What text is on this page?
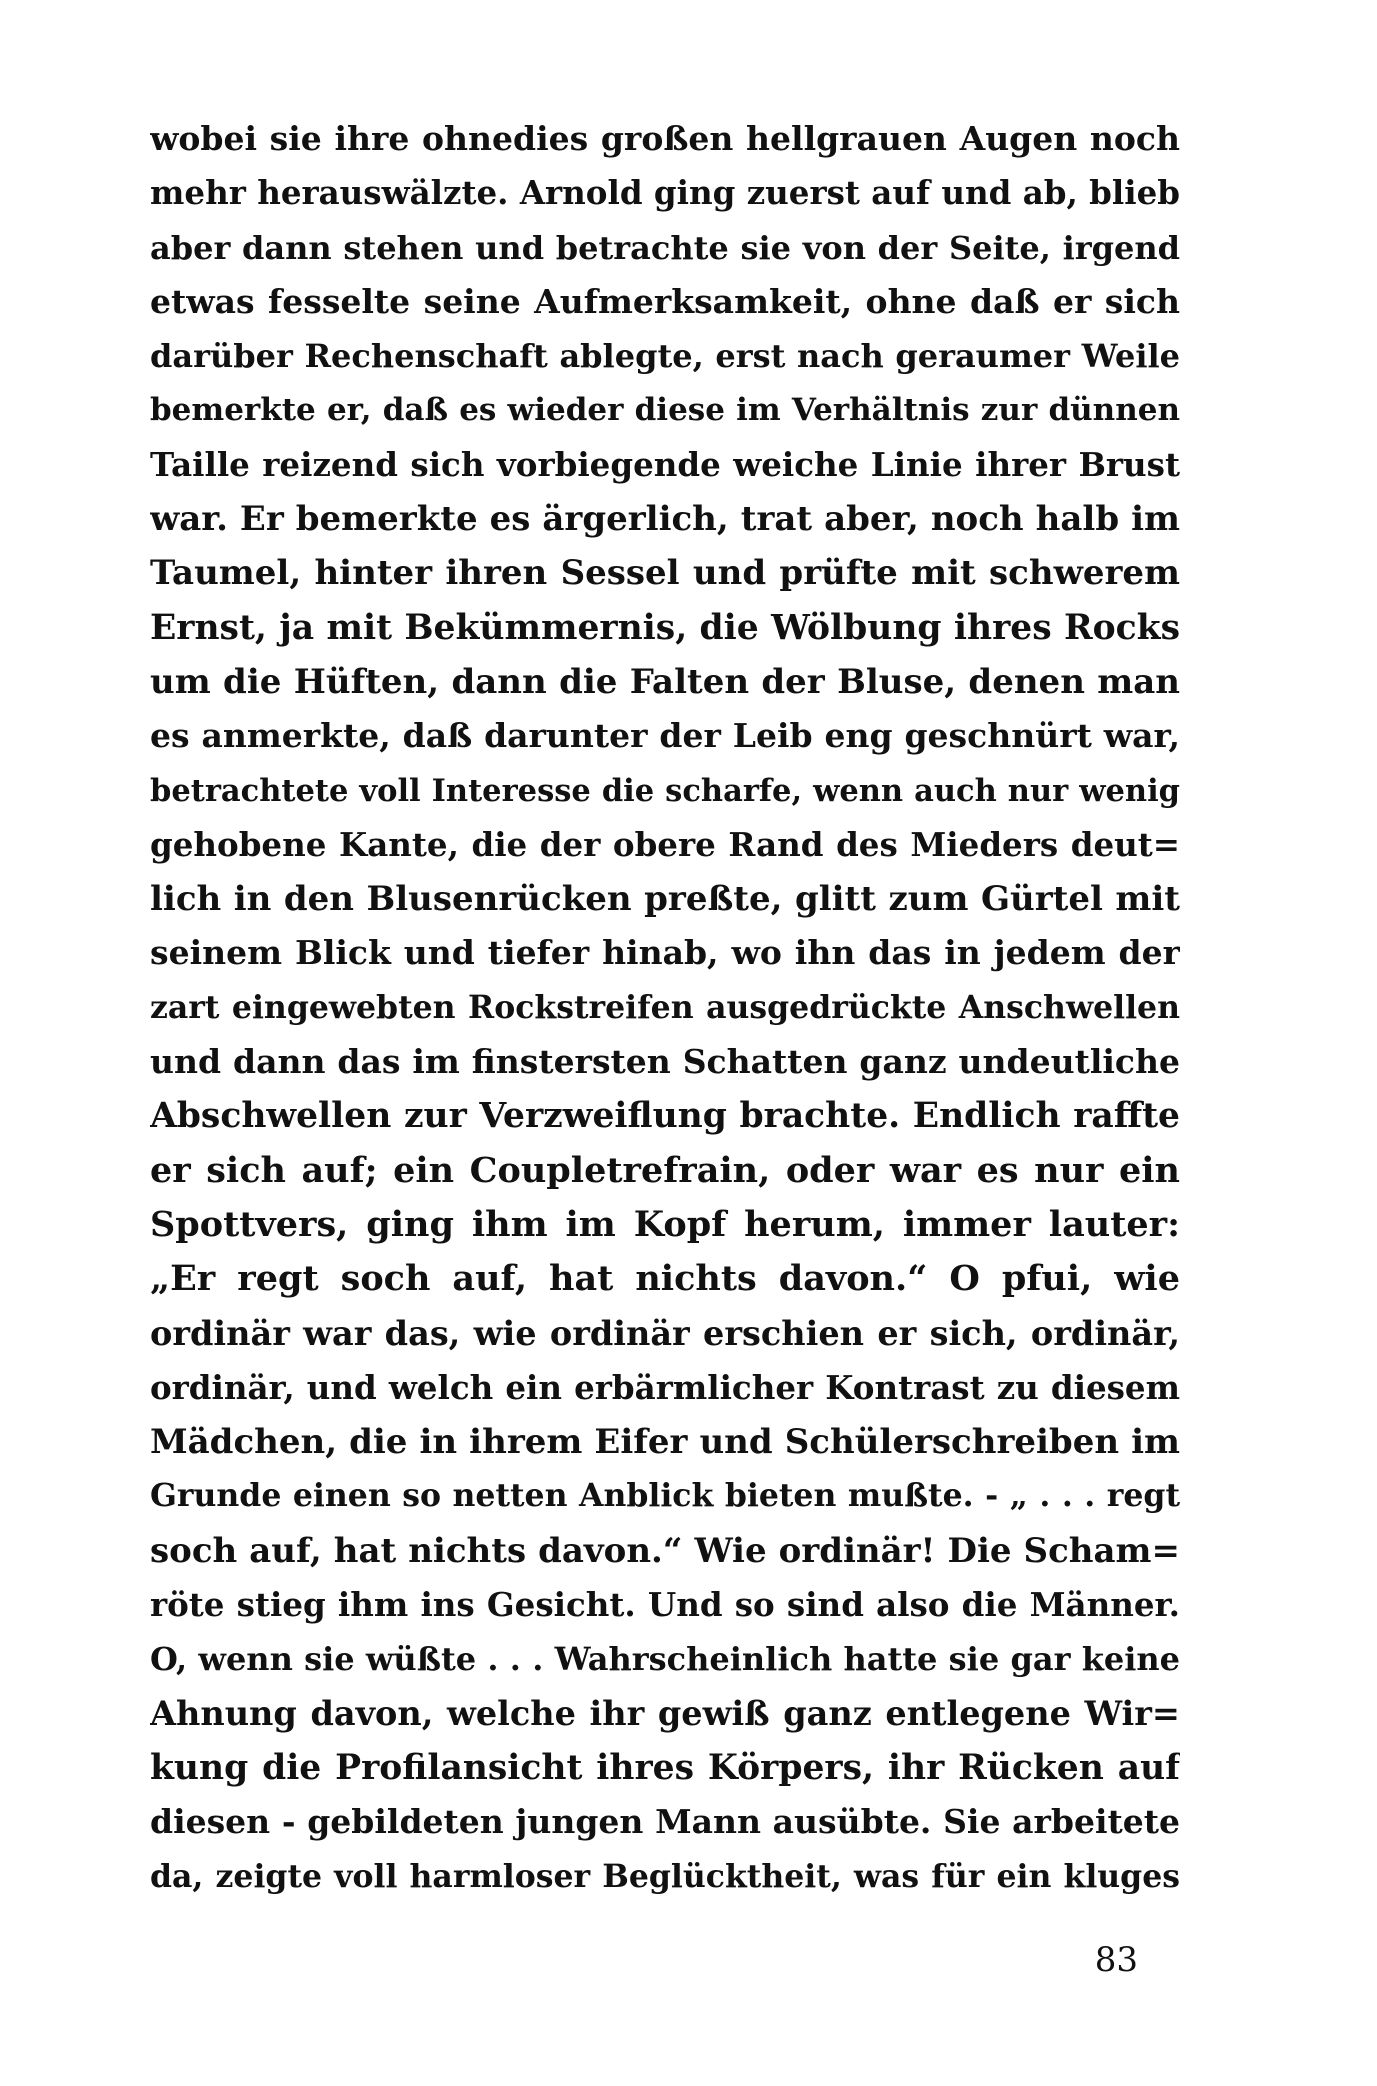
wobei sie ihre ohnedies großen hellgrauen Augen noch
mehr herauswälzte. Arnold ging zuerst auf und ab, blieb
aber dann stehen und betrachte sie von der Seite, irgend
etwas fesselte seine Aufmerksamkeit, ohne daß er sich
darüber Rechenschaft ablegte, erst nach geraumer Weile
bemerkte er, daß es wieder diese im Verhältnis zur dünnen
Taille reizend sich vorbiegende weiche Linie ihrer Brust
war. Er bemerkte es ärgerlich, trat aber, noch halb im
Taumel, hinter ihren Sessel und prüfte mit schwerem
Ernst, ja mit Bekümmernis, die Wölbung ihres Rocks
um die Hüften, dann die Falten der Bluse, denen man
es anmerkte, daß darunter der Leib eng geschnürt war,
betrachtete voll Interesse die scharfe, wenn auch nur wenig
gehobene Kante, die der obere Rand des Mieders deut=
lich in den Blusenrücken preßte, glitt zum Gürtel mit
seinem Blick und tiefer hinab, wo ihn das in jedem der
zart eingewebten Rockstreifen ausgedrückte Anschwellen
und dann das im finstersten Schatten ganz undeutliche
Abschwellen zur Verzweiflung brachte. Endlich raffte
er sich auf; ein Coupletrefrain, oder war es nur ein
Spottvers, ging ihm im Kopf herum, immer lauter:
„Er regt soch auf, hat nichts davon.“ O pfui, wie
ordinär war das, wie ordinär erschien er sich, ordinär,
ordinär, und welch ein erbärmlicher Kontrast zu diesem
Mädchen, die in ihrem Eifer und Schülerschreiben im
Grunde einen so netten Anblick bieten mußte. - „ . . . regt
soch auf, hat nichts davon.“ Wie ordinär! Die Scham=
röte stieg ihm ins Gesicht. Und so sind also die Männer.
O, wenn sie wüßte . . . Wahrscheinlich hatte sie gar keine
Ahnung davon, welche ihr gewiß ganz entlegene Wir=
kung die Profilansicht ihres Körpers, ihr Rücken auf
diesen - gebildeten jungen Mann ausübte. Sie arbeitete
da, zeigte voll harmloser Beglücktheit, was für ein kluges
83
